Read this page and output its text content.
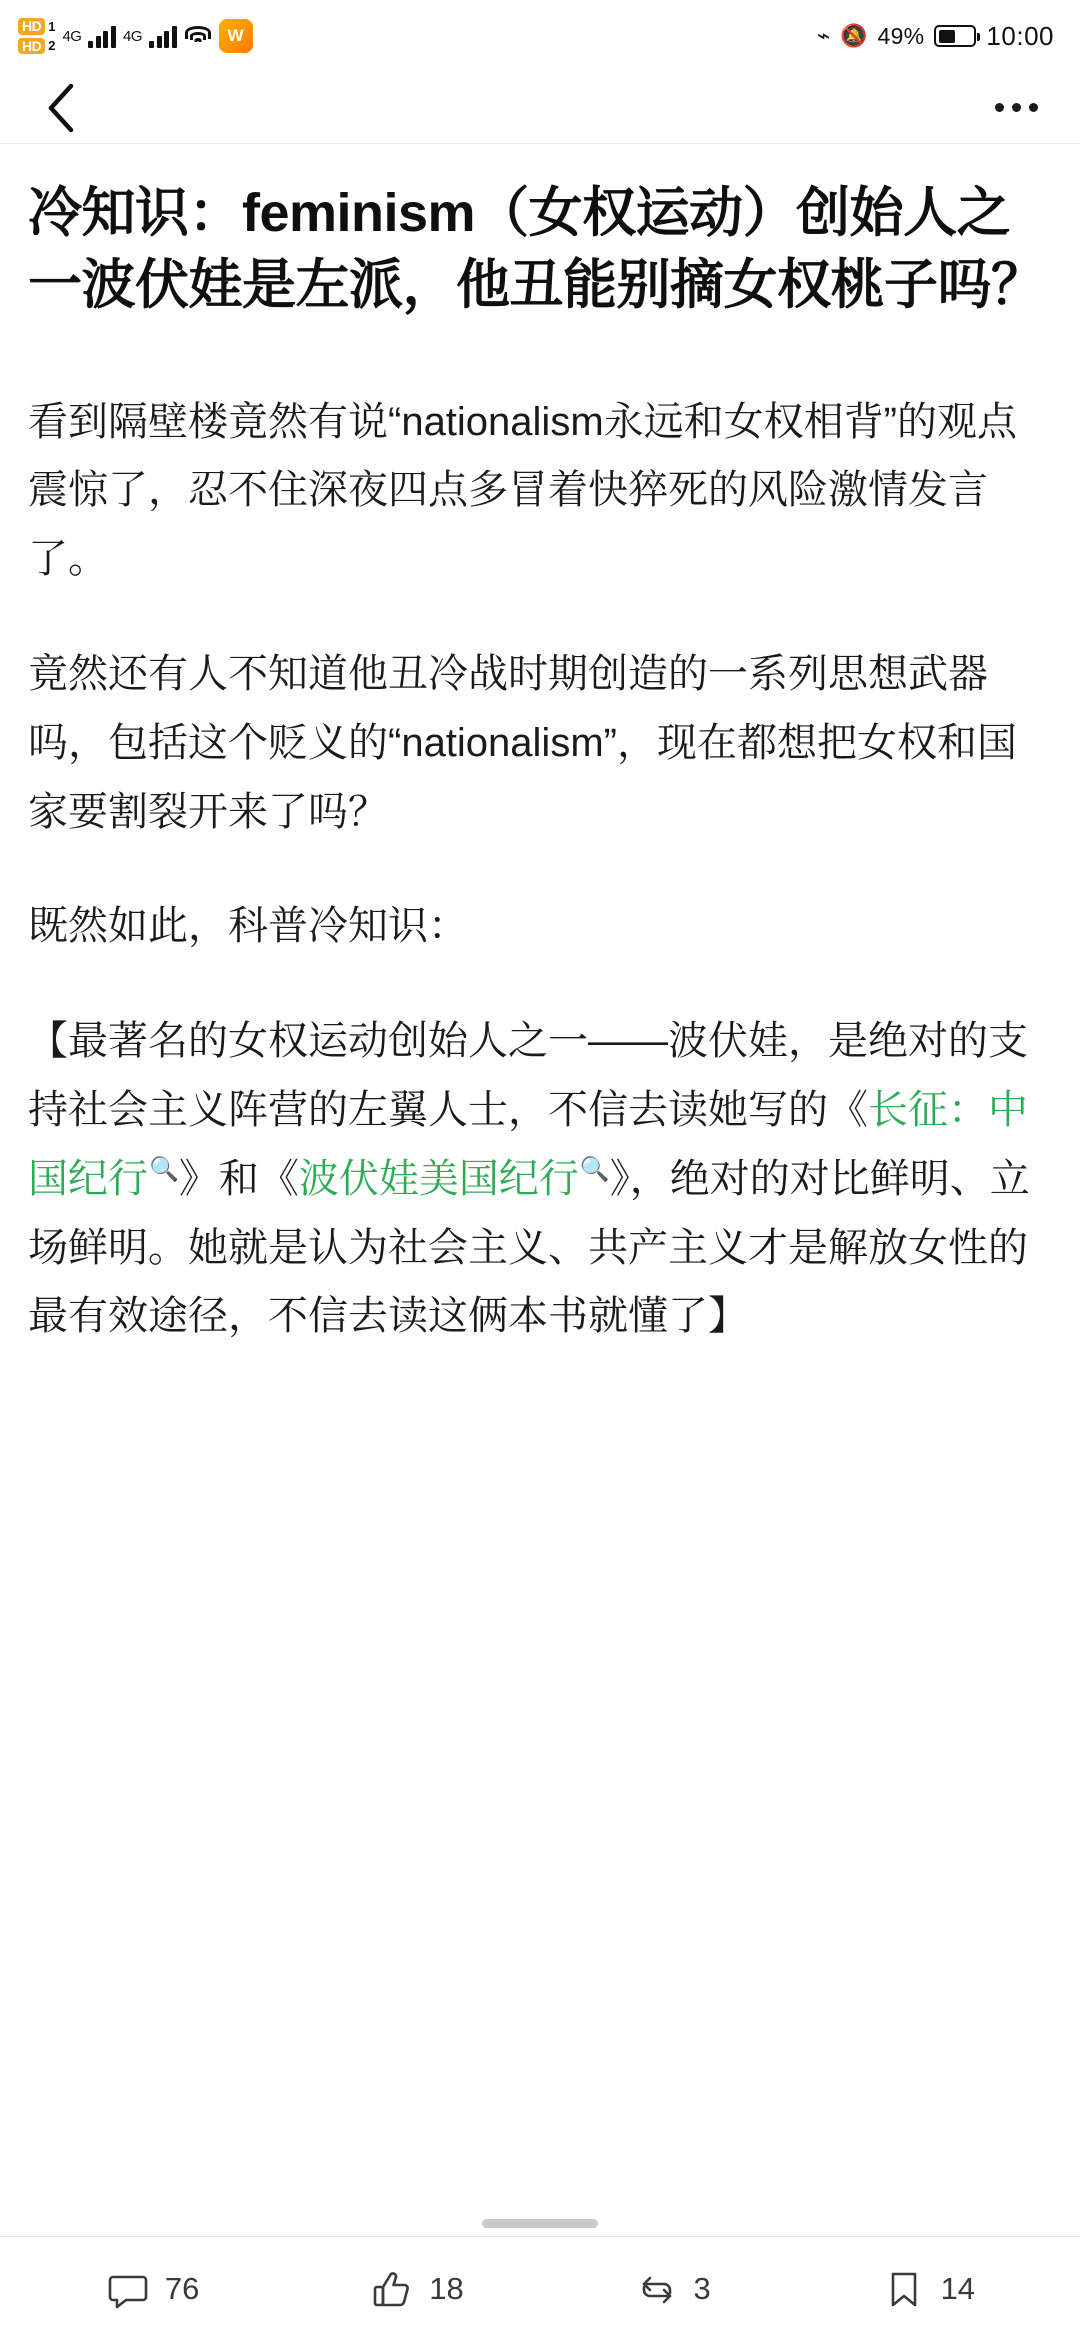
HD 1
HD 2
4G	4G	W	⌁ 🔕 49% 10:00
冷知识：feminism（女权运动）创始人之一波伏娃是左派，他丑能别摘女权桃子吗？

看到隔壁楼竟然有说“nationalism永远和女权相背”的观点震惊了，忍不住深夜四点多冒着快猝死的风险激情发言了。

竟然还有人不知道他丑冷战时期创造的一系列思想武器吗，包括这个贬义的“nationalism”，现在都想把女权和国家要割裂开来了吗？

既然如此，科普冷知识：

【最著名的女权运动创始人之一——波伏娃，是绝对的支持社会主义阵营的左翼人士，不信去读她写的《长征：中国纪行🔍》和《波伏娃美国纪行🔍》，绝对的对比鲜明、立场鲜明。她就是认为社会主义、共产主义才是解放女性的最有效途径，不信去读这俩本书就懂了】

76	18	3	14
